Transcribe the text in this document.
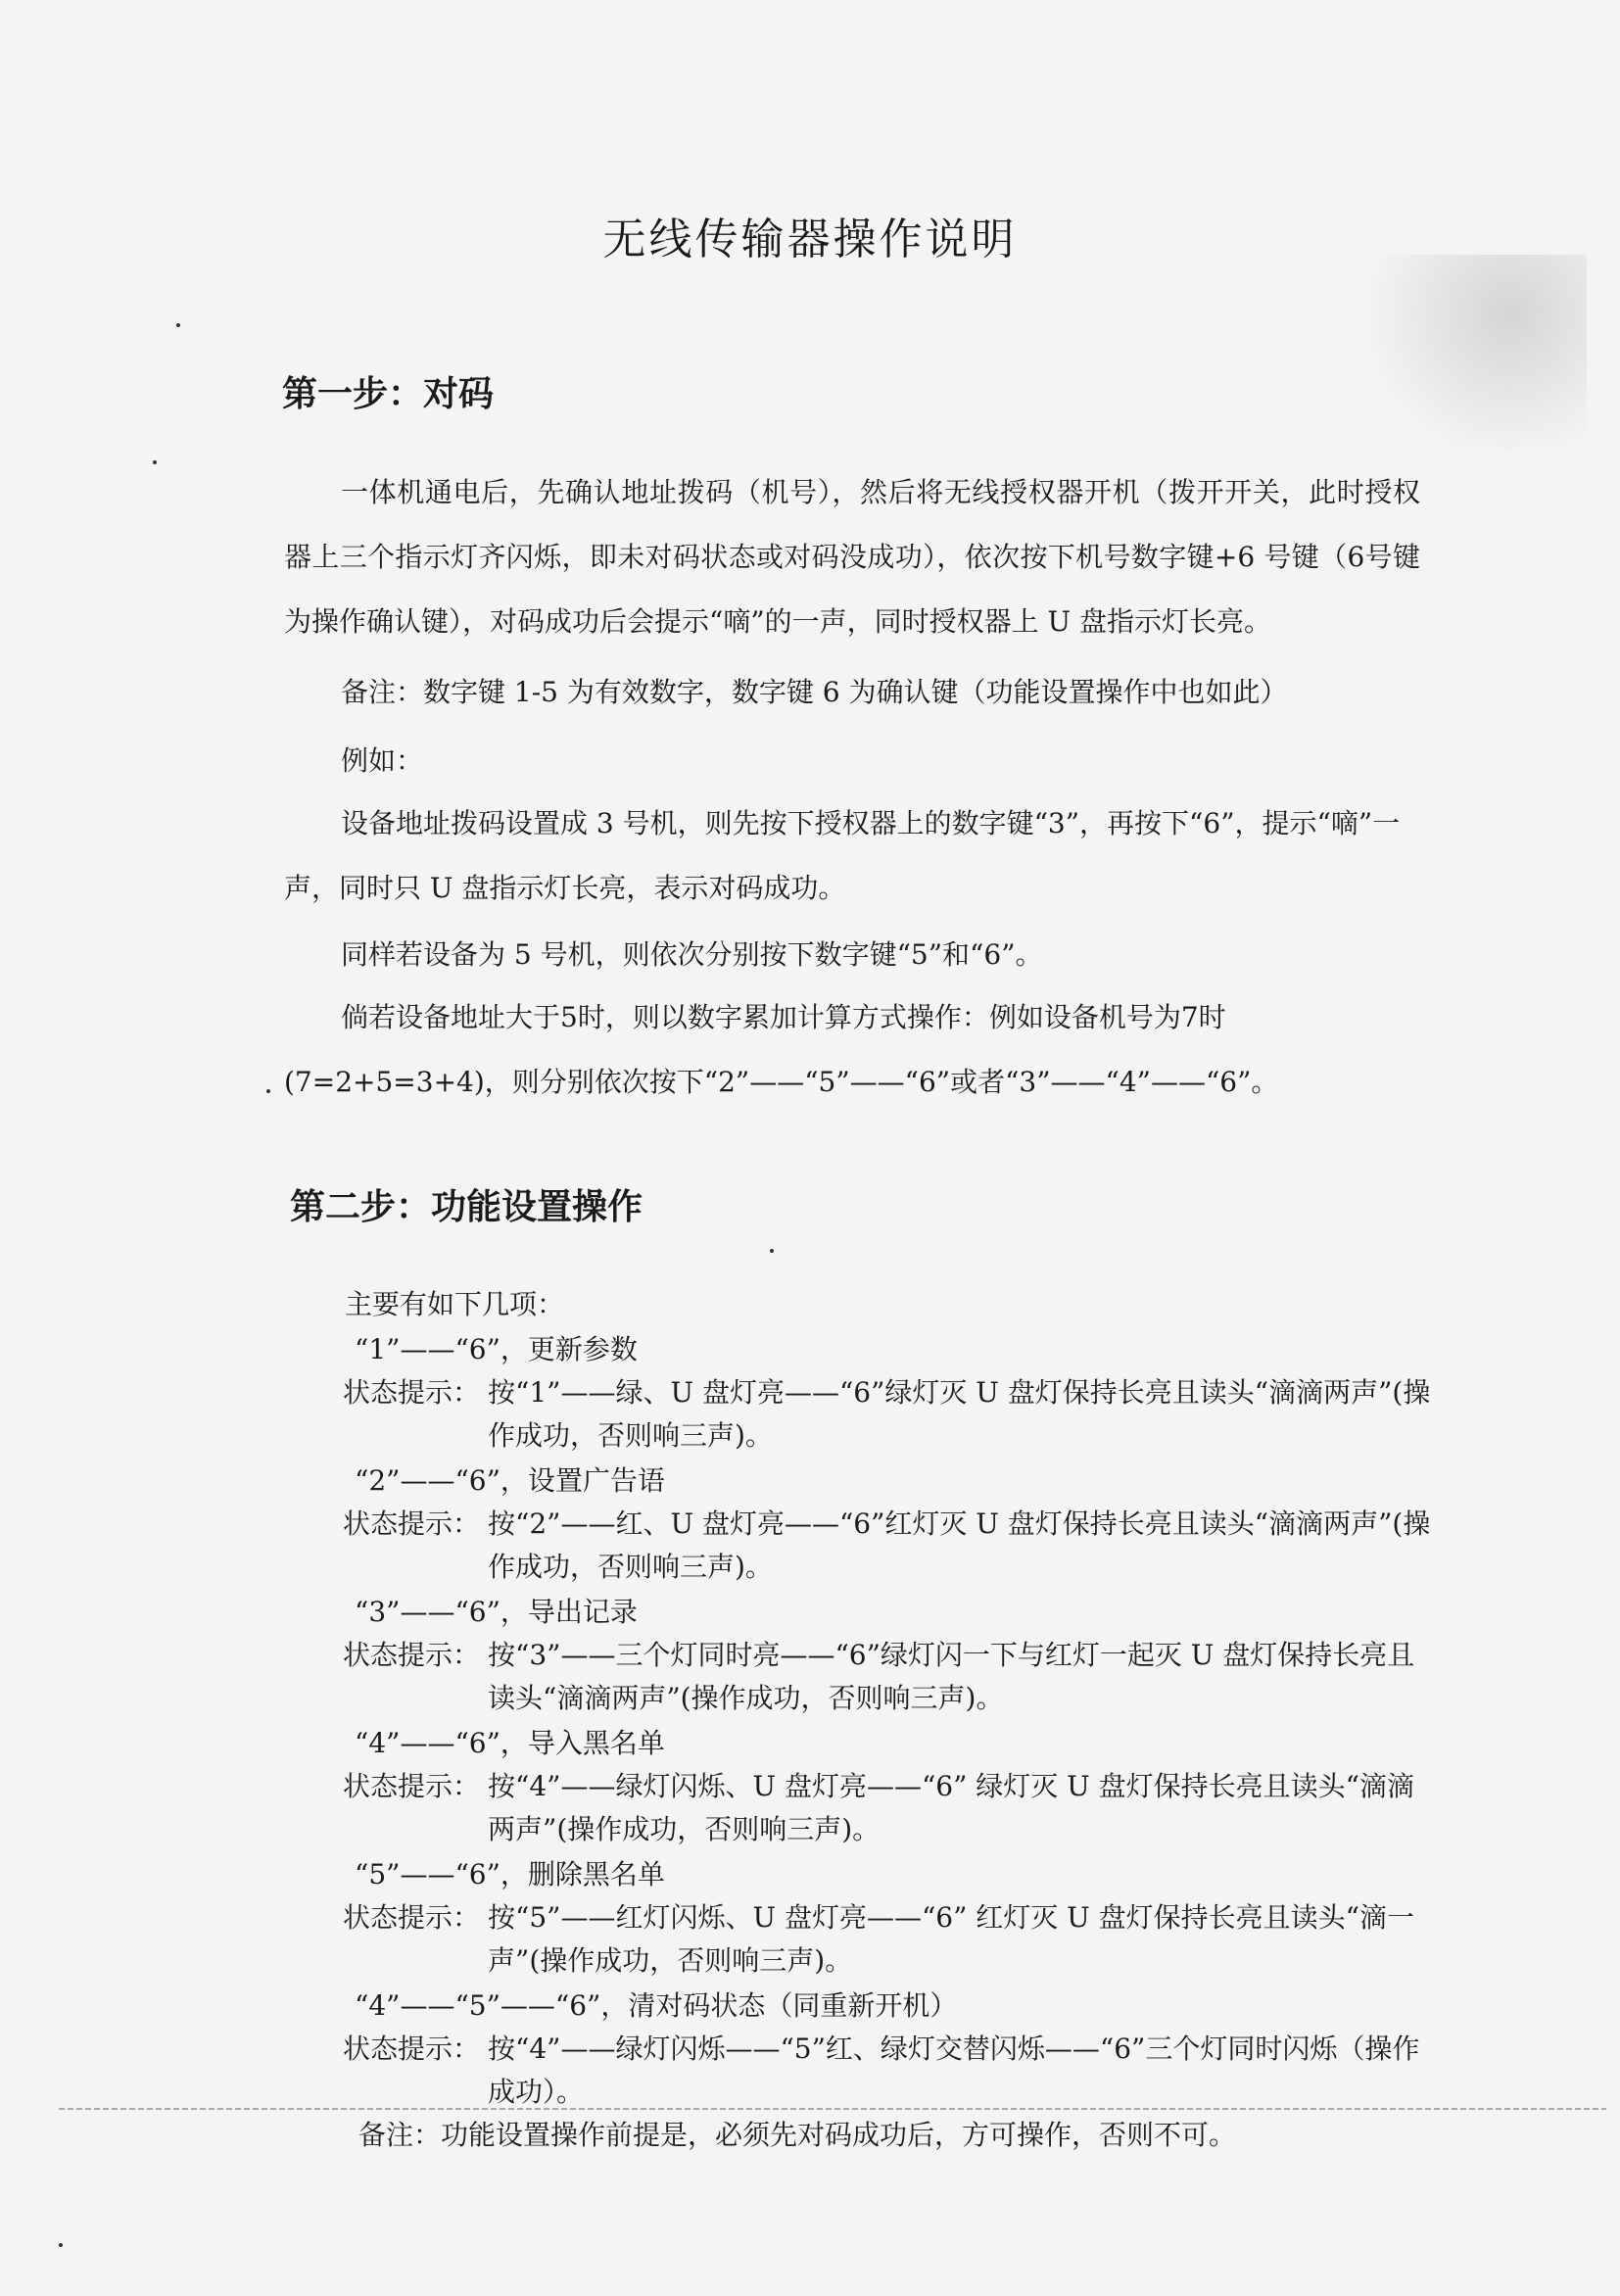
无线传输器操作说明
第一步：对码

一体机通电后，先确认地址拨码（机号），然后将无线授权器开机（拨开开关，此时授权器上三个指示灯齐闪烁，即未对码状态或对码没成功），依次按下机号数字键+6 号键（6号键为操作确认键），对码成功后会提示“嘀”的一声，同时授权器上 U 盘指示灯长亮。

备注：数字键 1-5 为有效数字，数字键 6 为确认键（功能设置操作中也如此）

例如：

设备地址拨码设置成 3 号机，则先按下授权器上的数字键“3”，再按下“6”，提示“嘀”一声，同时只 U 盘指示灯长亮，表示对码成功。

同样若设备为 5 号机，则依次分别按下数字键“5”和“6”。

倘若设备地址大于5时，则以数字累加计算方式操作：例如设备机号为7时(7=2+5=3+4)，则分别依次按下“2”——“5”——“6”或者“3”——“4”——“6”。

第二步：功能设置操作
主要有如下几项：
“1”——“6”，更新参数
状态提示： 按“1”——绿、U 盘灯亮——“6”绿灯灭 U 盘灯保持长亮且读头“滴滴两声”(操作成功，否则响三声)。
“2”——“6”，设置广告语
状态提示： 按“2”——红、U 盘灯亮——“6”红灯灭 U 盘灯保持长亮且读头“滴滴两声”(操作成功，否则响三声)。
“3”——“6”，导出记录
状态提示： 按“3”——三个灯同时亮——“6”绿灯闪一下与红灯一起灭 U 盘灯保持长亮且读头“滴滴两声”(操作成功，否则响三声)。
“4”——“6”，导入黑名单
状态提示： 按“4”——绿灯闪烁、U 盘灯亮——“6” 绿灯灭 U 盘灯保持长亮且读头“滴滴两声”(操作成功，否则响三声)。
“5”——“6”，删除黑名单
状态提示： 按“5”——红灯闪烁、U 盘灯亮——“6” 红灯灭 U 盘灯保持长亮且读头“滴一声”(操作成功，否则响三声)。
“4”——“5”——“6”，清对码状态（同重新开机）
状态提示： 按“4”——绿灯闪烁——“5”红、绿灯交替闪烁——“6”三个灯同时闪烁（操作成功）。
备注：功能设置操作前提是，必须先对码成功后，方可操作，否则不可。
